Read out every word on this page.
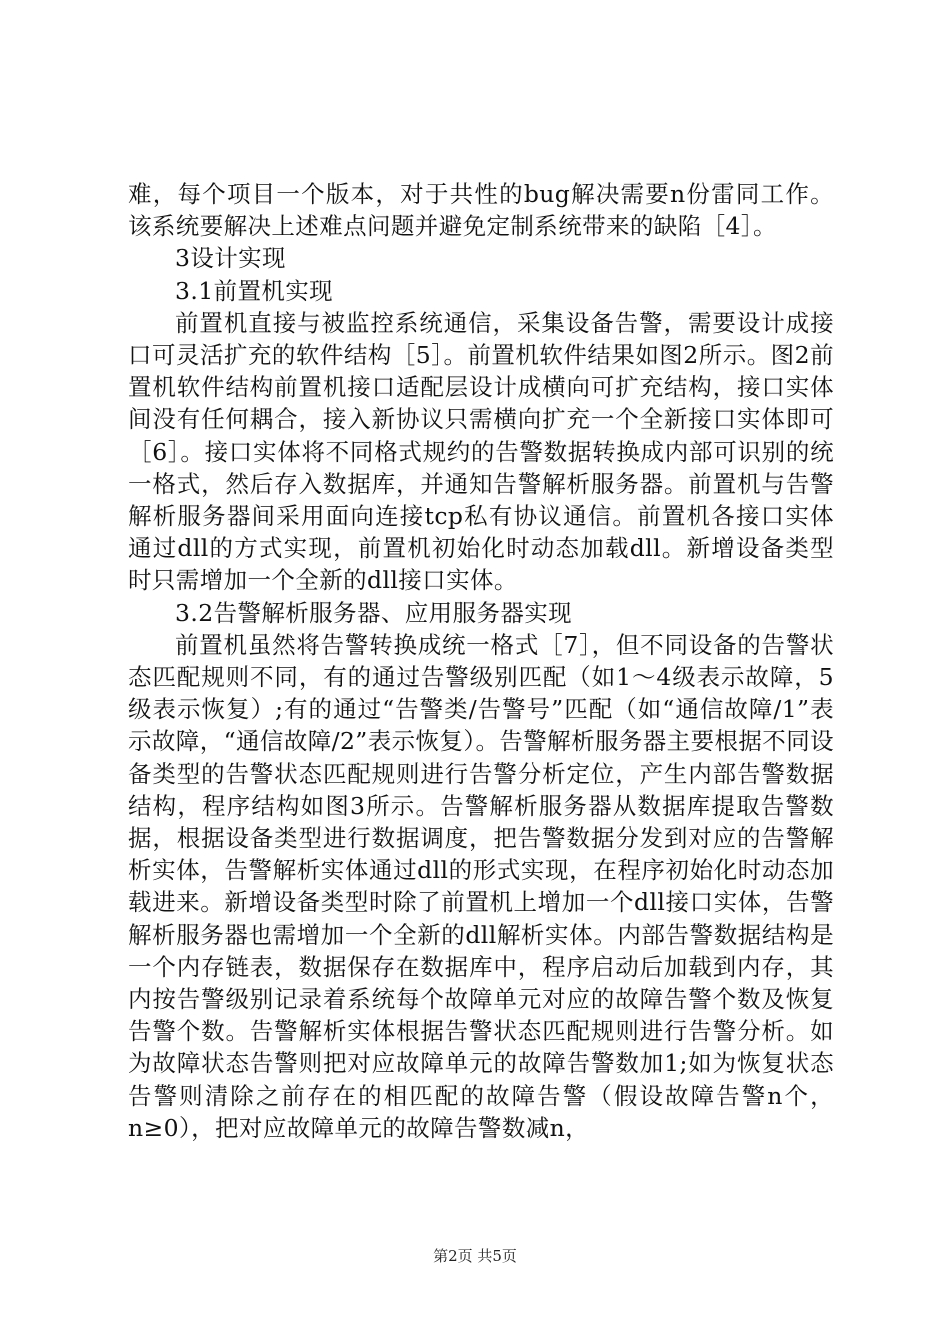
难，每个项目一个版本，对于共性的bug解决需要n份雷同工作。该系统要解决上述难点问题并避免定制系统带来的缺陷［4］。

3设计实现
3.1前置机实现

前置机直接与被监控系统通信，采集设备告警，需要设计成接口可灵活扩充的软件结构［5］。前置机软件结果如图2所示。图2前置机软件结构前置机接口适配层设计成横向可扩充结构，接口实体间没有任何耦合，接入新协议只需横向扩充一个全新接口实体即可［6］。接口实体将不同格式规约的告警数据转换成内部可识别的统一格式，然后存入数据库，并通知告警解析服务器。前置机与告警解析服务器间采用面向连接tcp私有协议通信。前置机各接口实体通过dll的方式实现，前置机初始化时动态加载dll。新增设备类型时只需增加一个全新的dll接口实体。

3.2告警解析服务器、应用服务器实现

前置机虽然将告警转换成统一格式［7］，但不同设备的告警状态匹配规则不同，有的通过告警级别匹配（如1～4级表示故障，5级表示恢复）;有的通过“告警类/告警号”匹配（如“通信故障/1”表示故障，“通信故障/2”表示恢复）。告警解析服务器主要根据不同设备类型的告警状态匹配规则进行告警分析定位，产生内部告警数据结构，程序结构如图3所示。告警解析服务器从数据库提取告警数据，根据设备类型进行数据调度，把告警数据分发到对应的告警解析实体，告警解析实体通过dll的形式实现，在程序初始化时动态加载进来。新增设备类型时除了前置机上增加一个dll接口实体，告警解析服务器也需增加一个全新的dll解析实体。内部告警数据结构是一个内存链表，数据保存在数据库中，程序启动后加载到内存，其内按告警级别记录着系统每个故障单元对应的故障告警个数及恢复告警个数。告警解析实体根据告警状态匹配规则进行告警分析。如为故障状态告警则把对应故障单元的故障告警数加1;如为恢复状态告警则清除之前存在的相匹配的故障告警（假设故障告警n个，n≥0），把对应故障单元的故障告警数减n，

第2页 共5页
